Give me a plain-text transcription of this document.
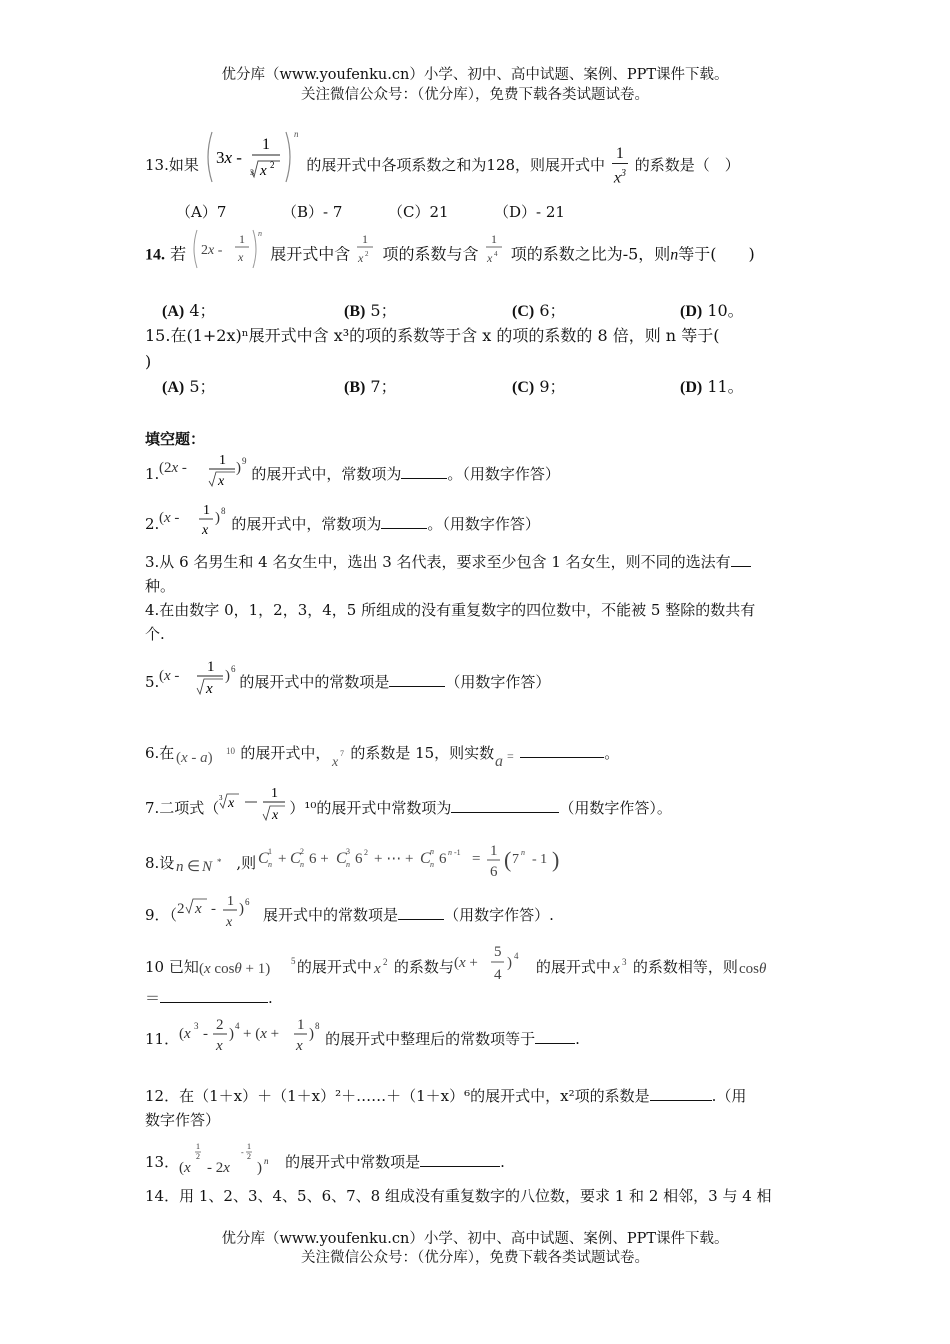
优分库（www.youfenku.cn）小学、初中、高中试题、案例、PPT课件下载。
关注微信公众号：（优分库），免费下载各类试题试卷。
13.如果 3x -
1
3 x 2
n
的展开式中各项系数之和为128，则展开式中 $\frac{1}{x^3}$ 的系数是（　）
（A）7	（B）- 7	（C）21	（D）- 21
14. 若 2x -
1
x
n
展开式中含
1
x 2 项的系数与含
1
x 4 项的系数之比为-5，则n等于(　　)
(A) 4；	(B) 5；	(C) 6；	(D) 10。
15.在(1+2x)ⁿ展开式中含 x³的项的系数等于含 x 的项的系数的 8 倍，则 n 等于(
)
(A) 5；	(B) 7；	(C) 9；	(D) 11。
填空题：
1. (2x - 1
x
) 9
的展开式中，常数项为	。（用数字作答）
2. (x - 1
x
) 8
的展开式中，常数项为	。（用数字作答）
3.从 6 名男生和 4 名女生中，选出 3 名代表，要求至少包含 1 名女生，则不同的选法有
种。
4.在由数字 0，1，2，3，4，5 所组成的没有重复数字的四位数中，不能被 5 整除的数共有
个.
5. (x -
1
x
) 6
的展开式中的常数项是	（用数字作答）
6.在 (x - a) 10 的展开式中，
x
7 的系数是 15，则实数 a =	。
7.二项式（
3 x
1
x ）¹⁰的展开式中常数项为	（用数字作答）。
8.设 n ∈ N * ,则 C 1
n + C 2
n 6 + C 3
n 6 2 + ⋯ + C n
n 6 n -1 = 1
6 ( 7 n - 1 )
9．（ 2 x - 1
x
) 6
展开式中的常数项是	（用数字作答）.
10 已知 (x cosθ + 1) 5 的展开式中 x 2 的系数与 (x +
5
4
) 4
的展开式中 x 3 的系数相等，则 cosθ
＝	.
11． (x 3 -
2
x
) 4 + (x +
1
x
) 8
的展开式中整理后的常数项等于	.
12．在（1＋x）＋（1＋x）²＋……＋（1＋x）⁶的展开式中，x²项的系数是	.（用
数字作答）
13． (x
1
2
- 2x
-
1
2
) n 的展开式中常数项是	.
14．用 1、2、3、4、5、6、7、8 组成没有重复数字的八位数，要求 1 和 2 相邻，3 与 4 相
优分库（www.youfenku.cn）小学、初中、高中试题、案例、PPT课件下载。
关注微信公众号：（优分库），免费下载各类试题试卷。
